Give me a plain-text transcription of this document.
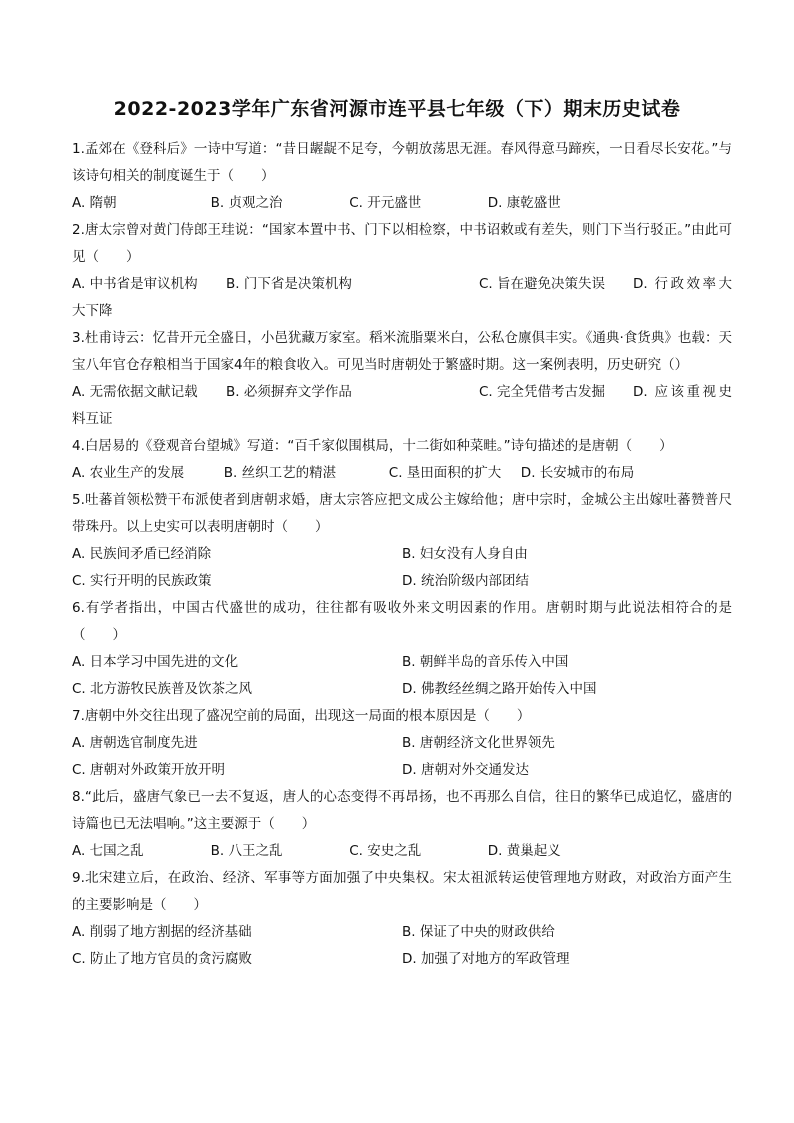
2022-2023学年广东省河源市连平县七年级（下）期末历史试卷

1.孟郊在《登科后》一诗中写道：“昔日龌龊不足夸，今朝放荡思无涯。春风得意马蹄疾，一日看尽长安花。”与该诗句相关的制度诞生于（　　）

A. 隋朝	B. 贞观之治	C. 开元盛世	D. 康乾盛世

2.唐太宗曾对黄门侍郎王珪说：“国家本置中书、门下以相检察，中书诏敕或有差失，则门下当行驳正。”由此可见（　　）

A. 中书省是审议机构 B. 门下省是决策机构	C. 旨在避免决策失误 D. 行政效率大大下降

3.杜甫诗云：忆昔开元全盛日，小邑犹藏万家室。稻米流脂粟米白，公私仓廪俱丰实。《通典·食货典》也载：天宝八年官仓存粮相当于国家4年的粮食收入。可见当时唐朝处于繁盛时期。这一案例表明，历史研究（）

A. 无需依据文献记载 B. 必须摒弃文学作品	C. 完全凭借考古发掘 D. 应该重视史料互证

4.白居易的《登观音台望城》写道：“百千家似围棋局，十二街如种菜畦。”诗句描述的是唐朝（　　）

A. 农业生产的发展	B. 丝织工艺的精湛	C. 垦田面积的扩大	D. 长安城市的布局

5.吐蕃首领松赞干布派使者到唐朝求婚，唐太宗答应把文成公主嫁给他；唐中宗时，金城公主出嫁吐蕃赞普尺带珠丹。以上史实可以表明唐朝时（　　）

A. 民族间矛盾已经消除	B. 妇女没有人身自由
C. 实行开明的民族政策	D. 统治阶级内部团结

6.有学者指出，中国古代盛世的成功，往往都有吸收外来文明因素的作用。唐朝时期与此说法相符合的是（　　）

A. 日本学习中国先进的文化	B. 朝鲜半岛的音乐传入中国
C. 北方游牧民族普及饮茶之风	D. 佛教经丝绸之路开始传入中国

7.唐朝中外交往出现了盛况空前的局面，出现这一局面的根本原因是（　　）

A. 唐朝选官制度先进	B. 唐朝经济文化世界领先
C. 唐朝对外政策开放开明	D. 唐朝对外交通发达

8.“此后，盛唐气象已一去不复返，唐人的心态变得不再昂扬，也不再那么自信，往日的繁华已成追忆，盛唐的诗篇也已无法唱响。”这主要源于（　　）

A. 七国之乱	B. 八王之乱	C. 安史之乱	D. 黄巢起义

9.北宋建立后，在政治、经济、军事等方面加强了中央集权。宋太祖派转运使管理地方财政，对政治方面产生的主要影响是（　　）

A. 削弱了地方割据的经济基础	B. 保证了中央的财政供给
C. 防止了地方官员的贪污腐败	D. 加强了对地方的军政管理
